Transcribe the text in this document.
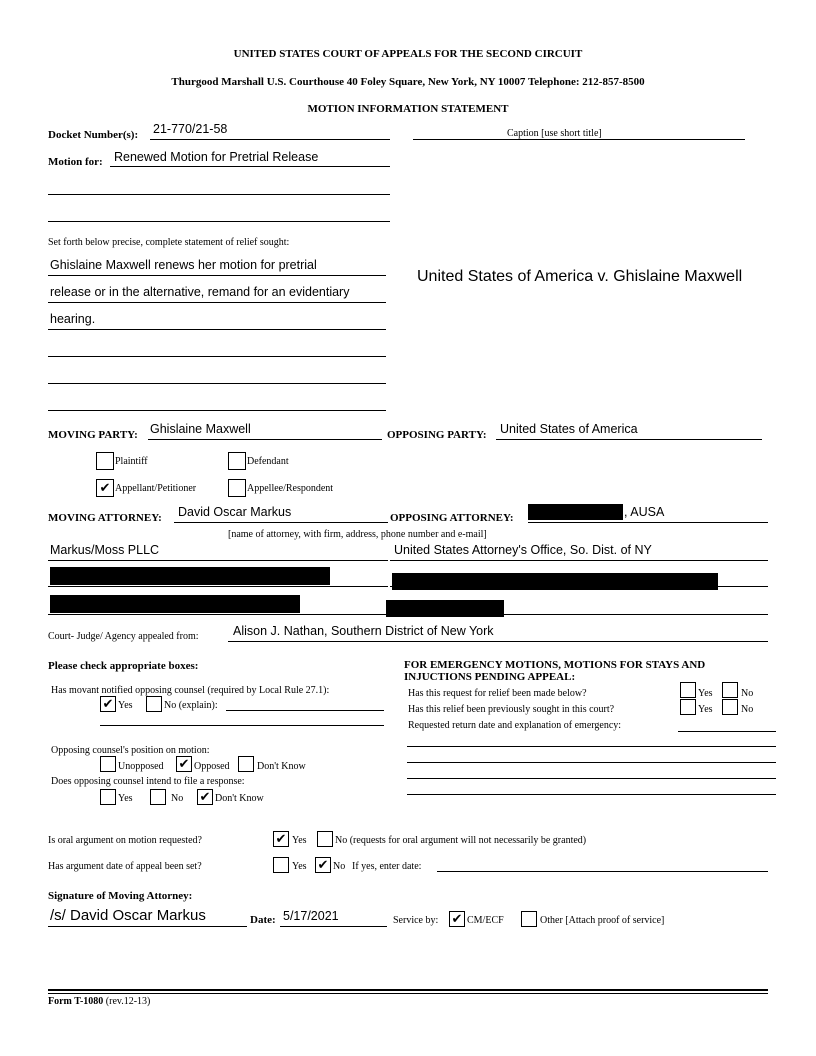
UNITED STATES COURT OF APPEALS FOR THE SECOND CIRCUIT
Thurgood Marshall U.S. Courthouse 40 Foley Square, New York, NY 10007 Telephone: 212-857-8500
MOTION INFORMATION STATEMENT
Docket Number(s): 21-770/21-58	Caption [use short title]
Motion for: Renewed Motion for Pretrial Release
Set forth below precise, complete statement of relief sought:
Ghislaine Maxwell renews her motion for pretrial
release or in the alternative, remand for an evidentiary
hearing.
United States of America v. Ghislaine Maxwell
MOVING PARTY: Ghislaine Maxwell	OPPOSING PARTY: United States of America
Plaintiff	Defendant
✔ Appellant/Petitioner	Appellee/Respondent
MOVING ATTORNEY: David Oscar Markus	OPPOSING ATTORNEY:	, AUSA
[name of attorney, with firm, address, phone number and e-mail]
Markus/Moss PLLC	United States Attorney's Office, So. Dist. of NY
Court- Judge/ Agency appealed from:	Alison J. Nathan, Southern District of New York
Please check appropriate boxes:
Has movant notified opposing counsel (required by Local Rule 27.1):
✔ Yes	No (explain):
Opposing counsel's position on motion:
Unopposed ✔ Opposed	Don't Know
Does opposing counsel intend to file a response:
Yes	No ✔ Don't Know
FOR EMERGENCY MOTIONS, MOTIONS FOR STAYS AND
INJUCTIONS PENDING APPEAL:
Has this request for relief been made below?	Yes	No
Has this relief been previously sought in this court?	Yes	No
Requested return date and explanation of emergency:
Is oral argument on motion requested?	✔ Yes	No (requests for oral argument will not necessarily be granted)
Has argument date of appeal been set?	Yes ✔ No If yes, enter date:
Signature of Moving Attorney:
/s/ David Oscar Markus	Date: 5/17/2021	Service by: ✔ CM/ECF	Other [Attach proof of service]
Form T-1080 (rev.12-13)
